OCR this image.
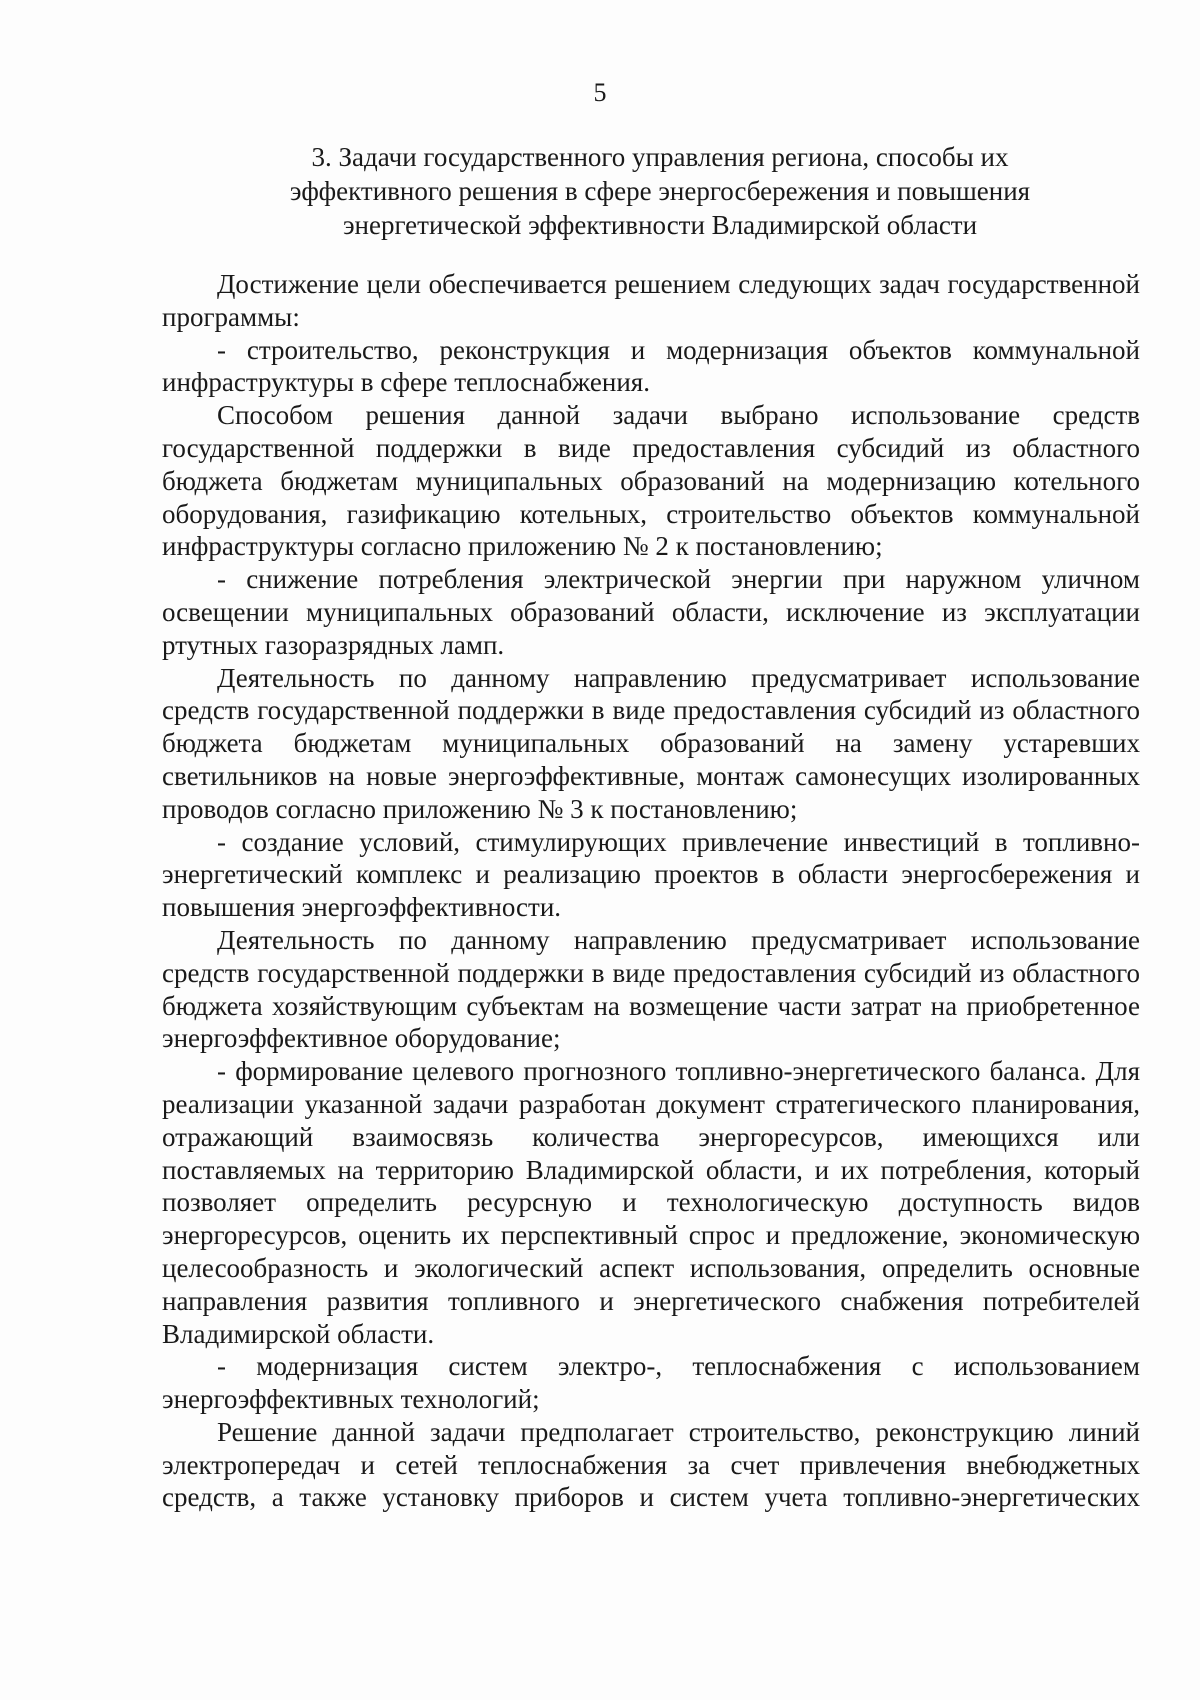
5
3. Задачи государственного управления региона, способы их эффективного решения в сфере энергосбережения и повышения энергетической эффективности Владимирской области

Достижение цели обеспечивается решением следующих задач государственной программы:

- строительство, реконструкция и модернизация объектов коммунальной инфраструктуры в сфере теплоснабжения.

Способом решения данной задачи выбрано использование средств государственной поддержки в виде предоставления субсидий из областного бюджета бюджетам муниципальных образований на модернизацию котельного оборудования, газификацию котельных, строительство объектов коммунальной инфраструктуры согласно приложению № 2 к постановлению;

- снижение потребления электрической энергии при наружном уличном освещении муниципальных образований области, исключение из эксплуатации ртутных газоразрядных ламп.

Деятельность по данному направлению предусматривает использование средств государственной поддержки в виде предоставления субсидий из областного бюджета бюджетам муниципальных образований на замену устаревших светильников на новые энергоэффективные, монтаж самонесущих изолированных проводов согласно приложению № 3 к постановлению;

- создание условий, стимулирующих привлечение инвестиций в топливно-энергетический комплекс и реализацию проектов в области энергосбережения и повышения энергоэффективности.

Деятельность по данному направлению предусматривает использование средств государственной поддержки в виде предоставления субсидий из областного бюджета хозяйствующим субъектам на возмещение части затрат на приобретенное энергоэффективное оборудование;

- формирование целевого прогнозного топливно-энергетического баланса. Для реализации указанной задачи разработан документ стратегического планирования, отражающий взаимосвязь количества энергоресурсов, имеющихся или поставляемых на территорию Владимирской области, и их потребления, который позволяет определить ресурсную и технологическую доступность видов энергоресурсов, оценить их перспективный спрос и предложение, экономическую целесообразность и экологический аспект использования, определить основные направления развития топливного и энергетического снабжения потребителей Владимирской области.

- модернизация систем электро-, теплоснабжения с использованием энергоэффективных технологий;

Решение данной задачи предполагает строительство, реконструкцию линий электропередач и сетей теплоснабжения за счет привлечения внебюджетных средств, а также установку приборов и систем учета топливно-энергетических
